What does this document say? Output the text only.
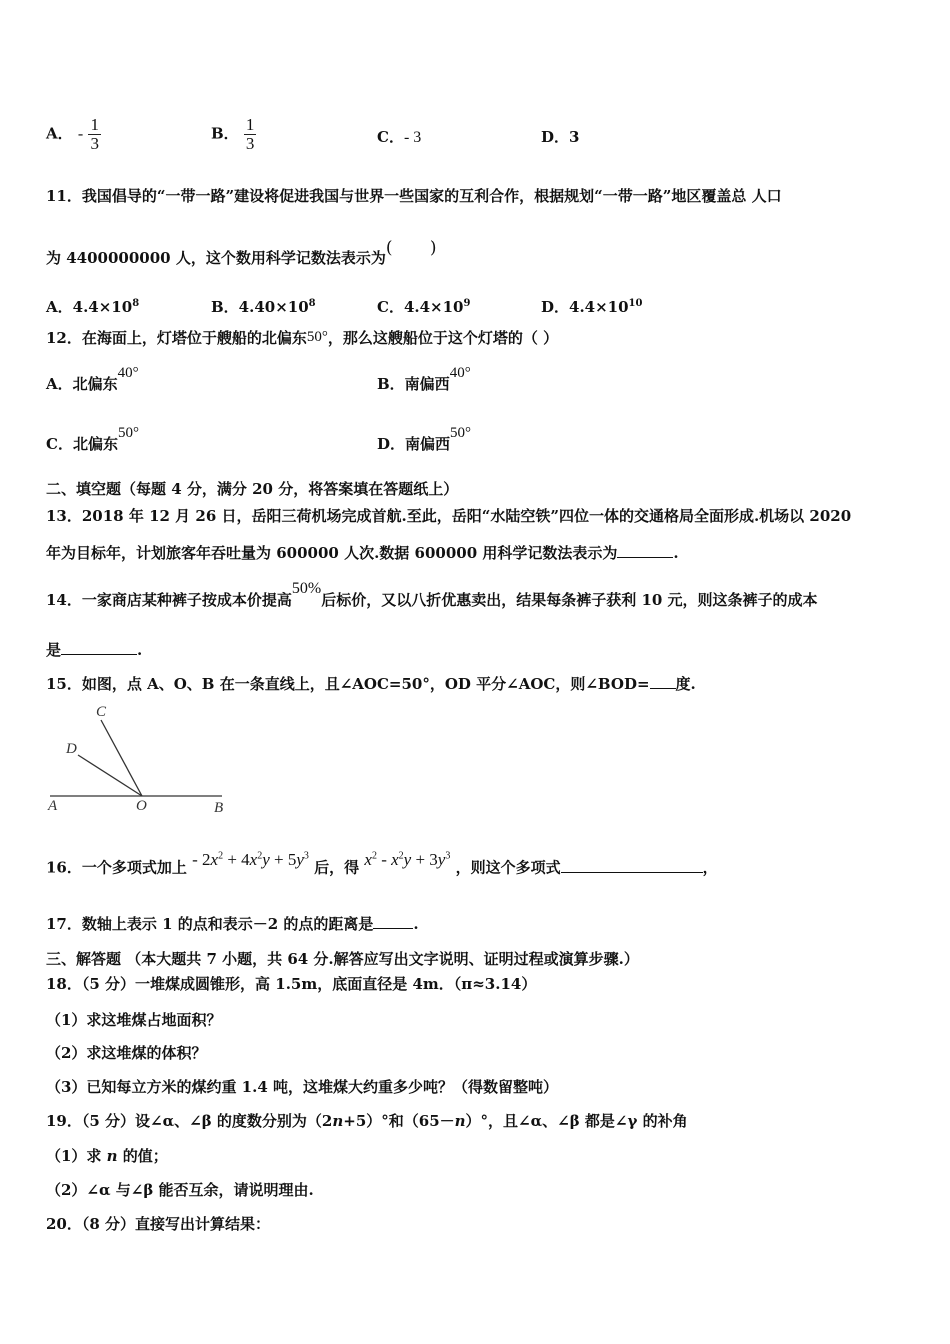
A． - $\frac{1}{3}$	B． $\frac{1}{3}$	C．- 3	D．3
11．我国倡导的“一带一路”建设将促进我国与世界一些国家的互利合作，根据规划“一带一路”地区覆盖总 人口
为 4400000000 人，这个数用科学记数法表示为( )
A．$4.4\times 10^8$	B．$4.40\times 10^8$	C．$4.4\times 10^9$	D．$4.4\times 10^{10}$
12．在海面上，灯塔位于艘船的北偏东50°，那么这艘船位于这个灯塔的（ ）
A．北偏东40°
B．南偏西40°
C．北偏东50°
D．南偏西50°
二、填空题（每题 4 分，满分 20 分，将答案填在答题纸上）
13．2018 年 12 月 26 日，岳阳三荷机场完成首航.至此，岳阳“水陆空铁”四位一体的交通格局全面形成.机场以 2020
年为目标年，计划旅客年吞吐量为 600000 人次.数据 600000 用科学记数法表示为	.
14．一家商店某种裤子按成本价提高50%后标价，又以八折优惠卖出，结果每条裤子获利 10 元，则这条裤子的成本
是	.
15．如图，点 A、O、B 在一条直线上，且∠AOC=50°，OD 平分∠AOC，则∠BOD= 度.
A	O	B
C
D
16．一个多项式加上 - $2x^2 + 4x^2y + 5y^3$ 后，得 $x^2 - x^2y + 3y^3$ ，则这个多项式	，
17．数轴上表示 1 的点和表示－2 的点的距离是	.
三、解答题 （本大题共 7 小题，共 64 分.解答应写出文字说明、证明过程或演算步骤.）
18．（5 分）一堆煤成圆锥形，高 1.5m，底面直径是 4m．（π≈3.14）
（1）求这堆煤占地面积？
（2）求这堆煤的体积？
（3）已知每立方米的煤约重 1.4 吨，这堆煤大约重多少吨？（得数留整吨）
19．（5 分）设∠α、∠β 的度数分别为（2n+5）°和（65－n）°，且∠α、∠β 都是∠γ 的补角
（1）求 n 的值；
（2）∠α 与∠β 能否互余，请说明理由.
20．（8 分）直接写出计算结果：
